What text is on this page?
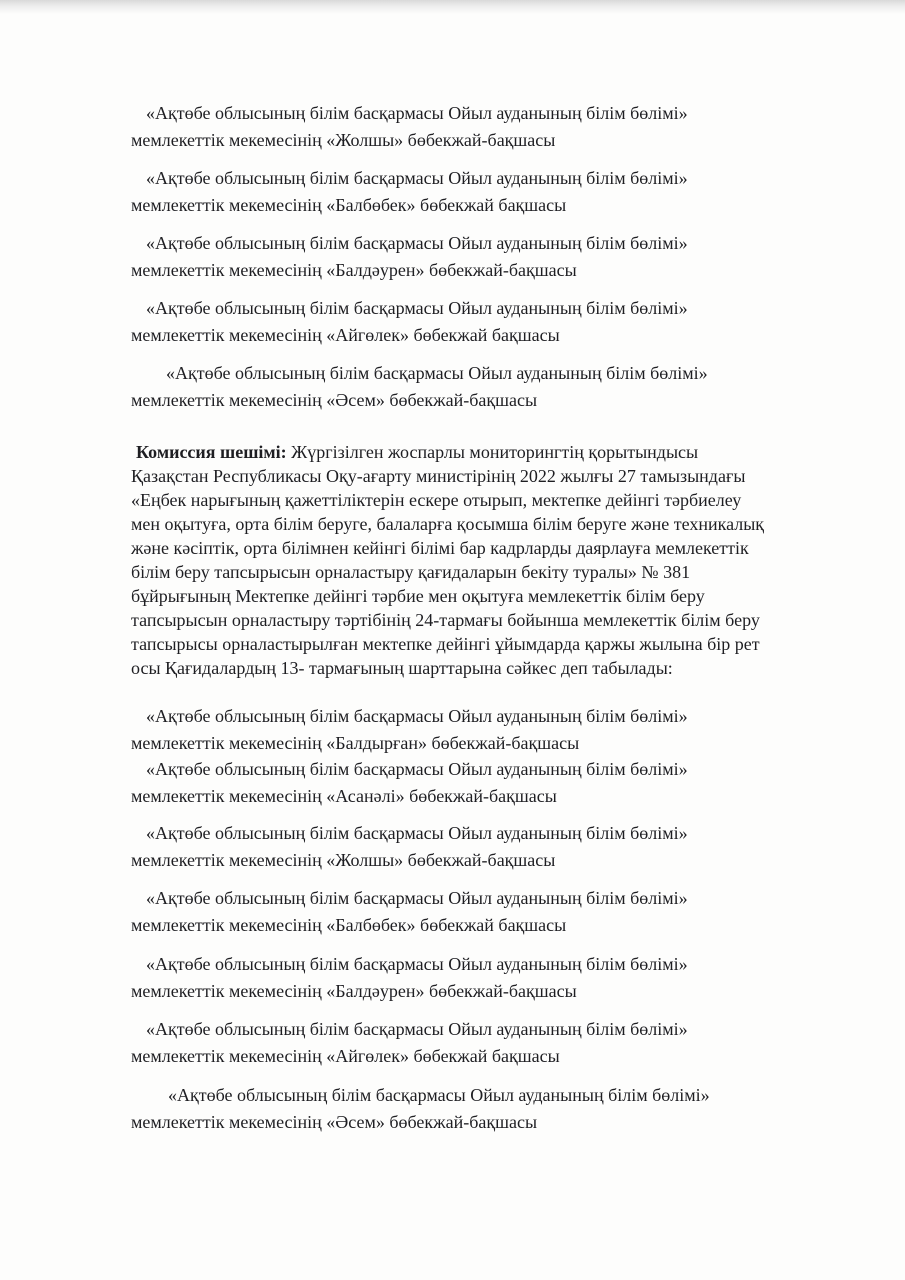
«Ақтөбе облысының білім басқармасы Ойыл ауданының білім бөлімі»
мемлекеттік мекемесінің «Жолшы» бөбекжай-бақшасы
«Ақтөбе облысының білім басқармасы Ойыл ауданының білім бөлімі»
мемлекеттік мекемесінің «Балбөбек» бөбекжай бақшасы
«Ақтөбе облысының білім басқармасы Ойыл ауданының білім бөлімі»
мемлекеттік мекемесінің «Балдәурен» бөбекжай-бақшасы
«Ақтөбе облысының білім басқармасы Ойыл ауданының білім бөлімі»
мемлекеттік мекемесінің «Айгөлек» бөбекжай бақшасы
«Ақтөбе облысының білім басқармасы Ойыл ауданының білім бөлімі»
мемлекеттік мекемесінің «Әсем» бөбекжай-бақшасы
Комиссия шешімі: Жүргізілген жоспарлы мониторингтің қорытындысы
Қазақстан Республикасы Оқу-ағарту министірінің 2022 жылғы 27 тамызындағы
«Еңбек нарығының қажеттіліктерін ескере отырып, мектепке дейінгі тәрбиелеу
мен оқытуға, орта білім беруге, балаларға қосымша білім беруге және техникалық
және кәсіптік, орта білімнен кейінгі білімі бар кадрларды даярлауға мемлекеттік
білім беру тапсырысын орналастыру қағидаларын бекіту туралы» № 381
бұйрығының Мектепке дейінгі тәрбие мен оқытуға мемлекеттік білім беру
тапсырысын орналастыру тәртібінің 24-тармағы бойынша мемлекеттік білім беру
тапсырысы орналастырылған мектепке дейінгі ұйымдарда қаржы жылына бір рет
осы Қағидалардың 13- тармағының шарттарына сәйкес деп табылады:
«Ақтөбе облысының білім басқармасы Ойыл ауданының білім бөлімі»
мемлекеттік мекемесінің «Балдырған» бөбекжай-бақшасы
«Ақтөбе облысының білім басқармасы Ойыл ауданының білім бөлімі»
мемлекеттік мекемесінің «Асанәлі» бөбекжай-бақшасы
«Ақтөбе облысының білім басқармасы Ойыл ауданының білім бөлімі»
мемлекеттік мекемесінің «Жолшы» бөбекжай-бақшасы
«Ақтөбе облысының білім басқармасы Ойыл ауданының білім бөлімі»
мемлекеттік мекемесінің «Балбөбек» бөбекжай бақшасы
«Ақтөбе облысының білім басқармасы Ойыл ауданының білім бөлімі»
мемлекеттік мекемесінің «Балдәурен» бөбекжай-бақшасы
«Ақтөбе облысының білім басқармасы Ойыл ауданының білім бөлімі»
мемлекеттік мекемесінің «Айгөлек» бөбекжай бақшасы
«Ақтөбе облысының білім басқармасы Ойыл ауданының білім бөлімі»
мемлекеттік мекемесінің «Әсем» бөбекжай-бақшасы
